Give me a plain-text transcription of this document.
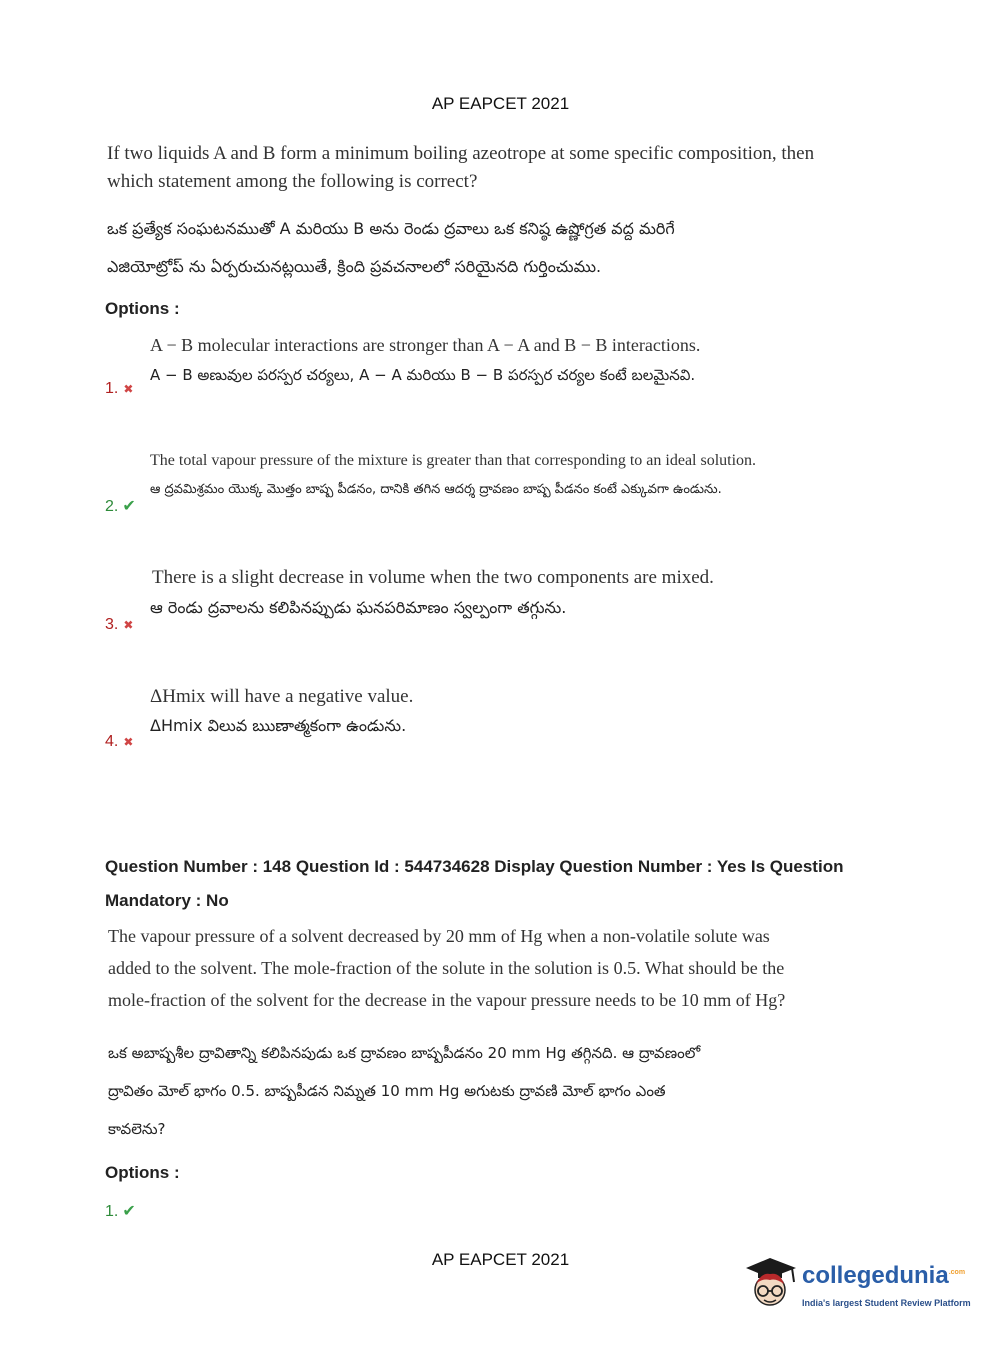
AP EAPCET 2021
If two liquids A and B form a minimum boiling azeotrope at some specific composition, then
which statement among the following is correct?
ఒక ప్రత్యేక సంఘటనముతో A మరియు B అను రెండు ద్రవాలు ఒక కనిష్ఠ ఉష్ణోగ్రత వద్ద మరిగే
ఎజియోట్రోప్ ను ఏర్పరుచునట్లయితే, క్రింది ప్రవచనాలలో సరియైనది గుర్తించుము.
Options :
A − B molecular interactions are stronger than A − A and B − B interactions.
A − B అణువుల పరస్పర చర్యలు, A − A మరియు B − B పరస్పర చర్యల కంటే బలమైనవి.
1. ✖
The total vapour pressure of the mixture is greater than that corresponding to an ideal solution.
ఆ ద్రవమిశ్రమం యొక్క మొత్తం బాష్ప పీడనం, దానికి తగిన ఆదర్శ ద్రావణం బాష్ప పీడనం కంటే ఎక్కువగా ఉండును.
2. ✔
There is a slight decrease in volume when the two components are mixed.
ఆ రెండు ద్రవాలను కలిపినప్పుడు ఘనపరిమాణం స్వల్పంగా తగ్గును.
3. ✖
ΔHmix will have a negative value.
ΔHmix విలువ ఋణాత్మకంగా ఉండును.
4. ✖
Question Number : 148 Question Id : 544734628 Display Question Number : Yes Is Question
Mandatory : No
The vapour pressure of a solvent decreased by 20 mm of Hg when a non-volatile solute was
added to the solvent. The mole-fraction of the solute in the solution is 0.5. What should be the
mole-fraction of the solvent for the decrease in the vapour pressure needs to be 10 mm of Hg?
ఒక అబాష్పశీల ద్రావితాన్ని కలిపినపుడు ఒక ద్రావణం బాష్పపీడనం 20 mm Hg తగ్గినది. ఆ ద్రావణంలో
ద్రావితం మోల్ భాగం 0.5. బాష్పపీడన నిమ్నత 10 mm Hg అగుటకు ద్రావణి మోల్ భాగం ఎంత
కావలెను?
Options :
1. ✔
AP EAPCET 2021
collegedunia$^{.com}$
India's largest Student Review Platform
